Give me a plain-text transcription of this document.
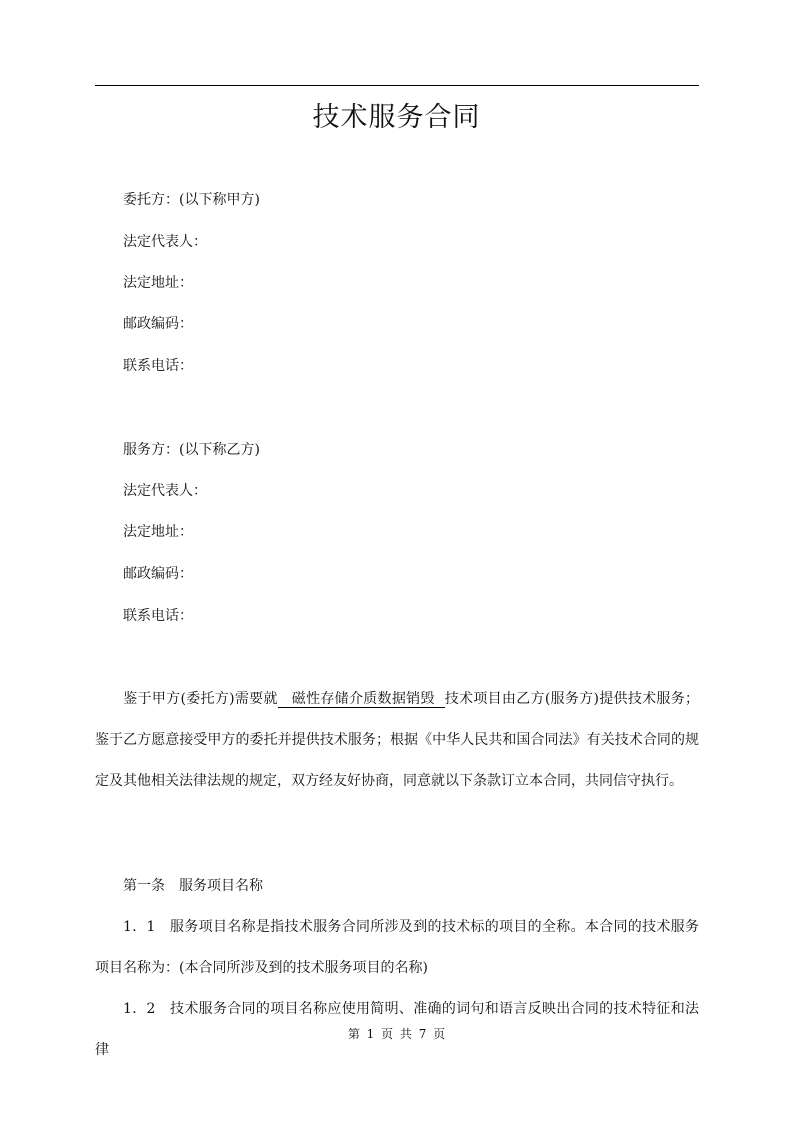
技术服务合同
委托方：(以下称甲方)
法定代表人：
法定地址：
邮政编码：
联系电话：
服务方：(以下称乙方)
法定代表人：
法定地址：
邮政编码：
联系电话：
鉴于甲方(委托方)需要就 磁性存储介质数据销毁 技术项目由乙方(服务方)提供技术服务；鉴于乙方愿意接受甲方的委托并提供技术服务；根据《中华人民共和国合同法》有关技术合同的规定及其他相关法律法规的规定，双方经友好协商，同意就以下条款订立本合同，共同信守执行。
第一条　服务项目名称
1．1　服务项目名称是指技术服务合同所涉及到的技术标的项目的全称。本合同的技术服务项目名称为：(本合同所涉及到的技术服务项目的名称)
1．2　技术服务合同的项目名称应使用简明、准确的词句和语言反映出合同的技术特征和法律
第 1 页 共 7 页
